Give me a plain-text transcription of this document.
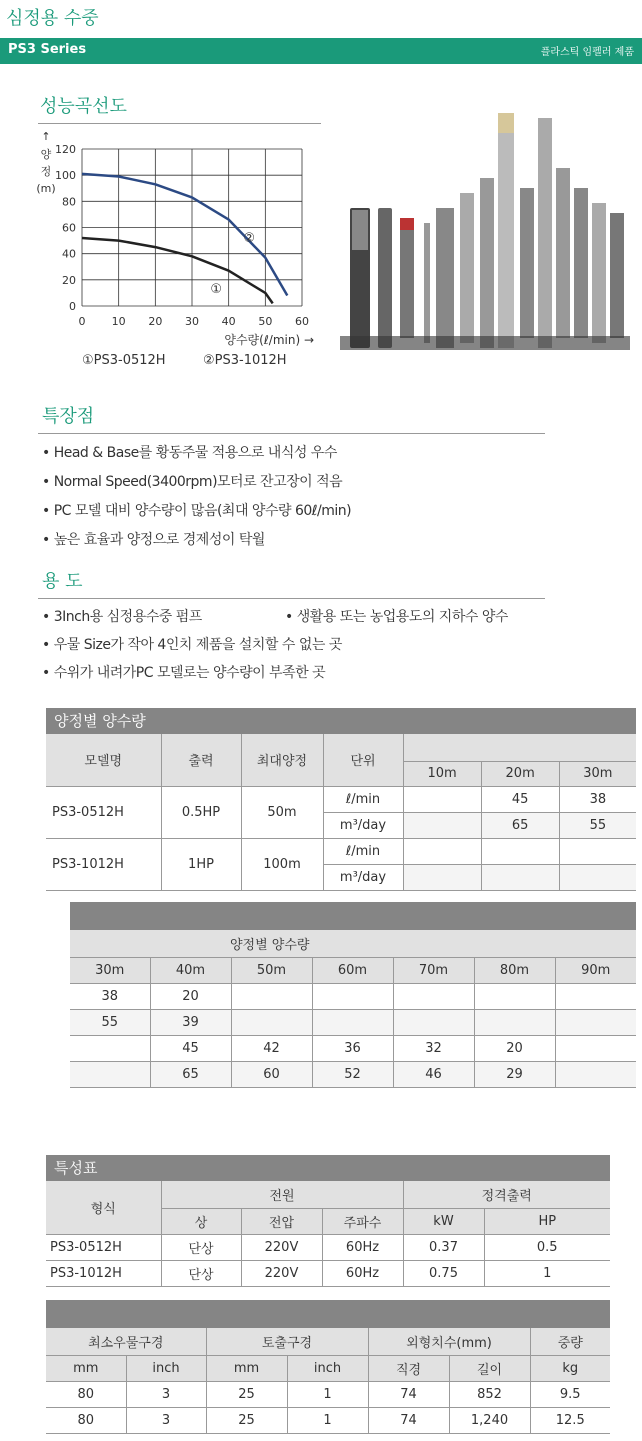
심정용 수중
PS3 Series	플라스틱 임펠러 제품
성능곡선도
0 10 20 30 40 50 60
0
20
40
60
80
100
120
①
②
↑
양
정
(m)
양수량(ℓ/min) →
①PS3-0512H	②PS3-1012H
특장점
• Head & Base를 황동주물 적용으로 내식성 우수
• Normal Speed(3400rpm)모터로 잔고장이 적음
• PC 모델 대비 양수량이 많음(최대 양수량 60ℓ/min)
• 높은 효율과 양정으로 경제성이 탁월
용 도
• 3Inch용 심정용수중 펌프	• 생활용 또는 농업용도의 지하수 양수
• 우물 Size가 작아 4인치 제품을 설치할 수 없는 곳
• 수위가 내려가PC 모델로는 양수량이 부족한 곳
양정별 양수량
모델명	출력	최대양정	단위			
				10m	20m	30m
PS3-0512H	0.5HP	50m	ℓ/min		45	38
			m³/day		65	55
PS3-1012H	1HP	100m	ℓ/min			
			m³/day			
양정별 양수량						
30m	40m	50m	60m	70m	80m	90m
38	20					
55	39					
	45	42	36	32	20	
	65	60	52	46	29	
특성표
형식	전원			정격출력	
	상	전압	주파수	kW	HP
PS3-0512H	단상	220V	60Hz	0.37	0.5
PS3-1012H	단상	220V	60Hz	0.75	1
최소우물구경		토출구경		외형치수(mm)		중량
mm	inch	mm	inch	직경	길이	kg
80	3	25	1	74	852	9.5
80	3	25	1	74	1,240	12.5
